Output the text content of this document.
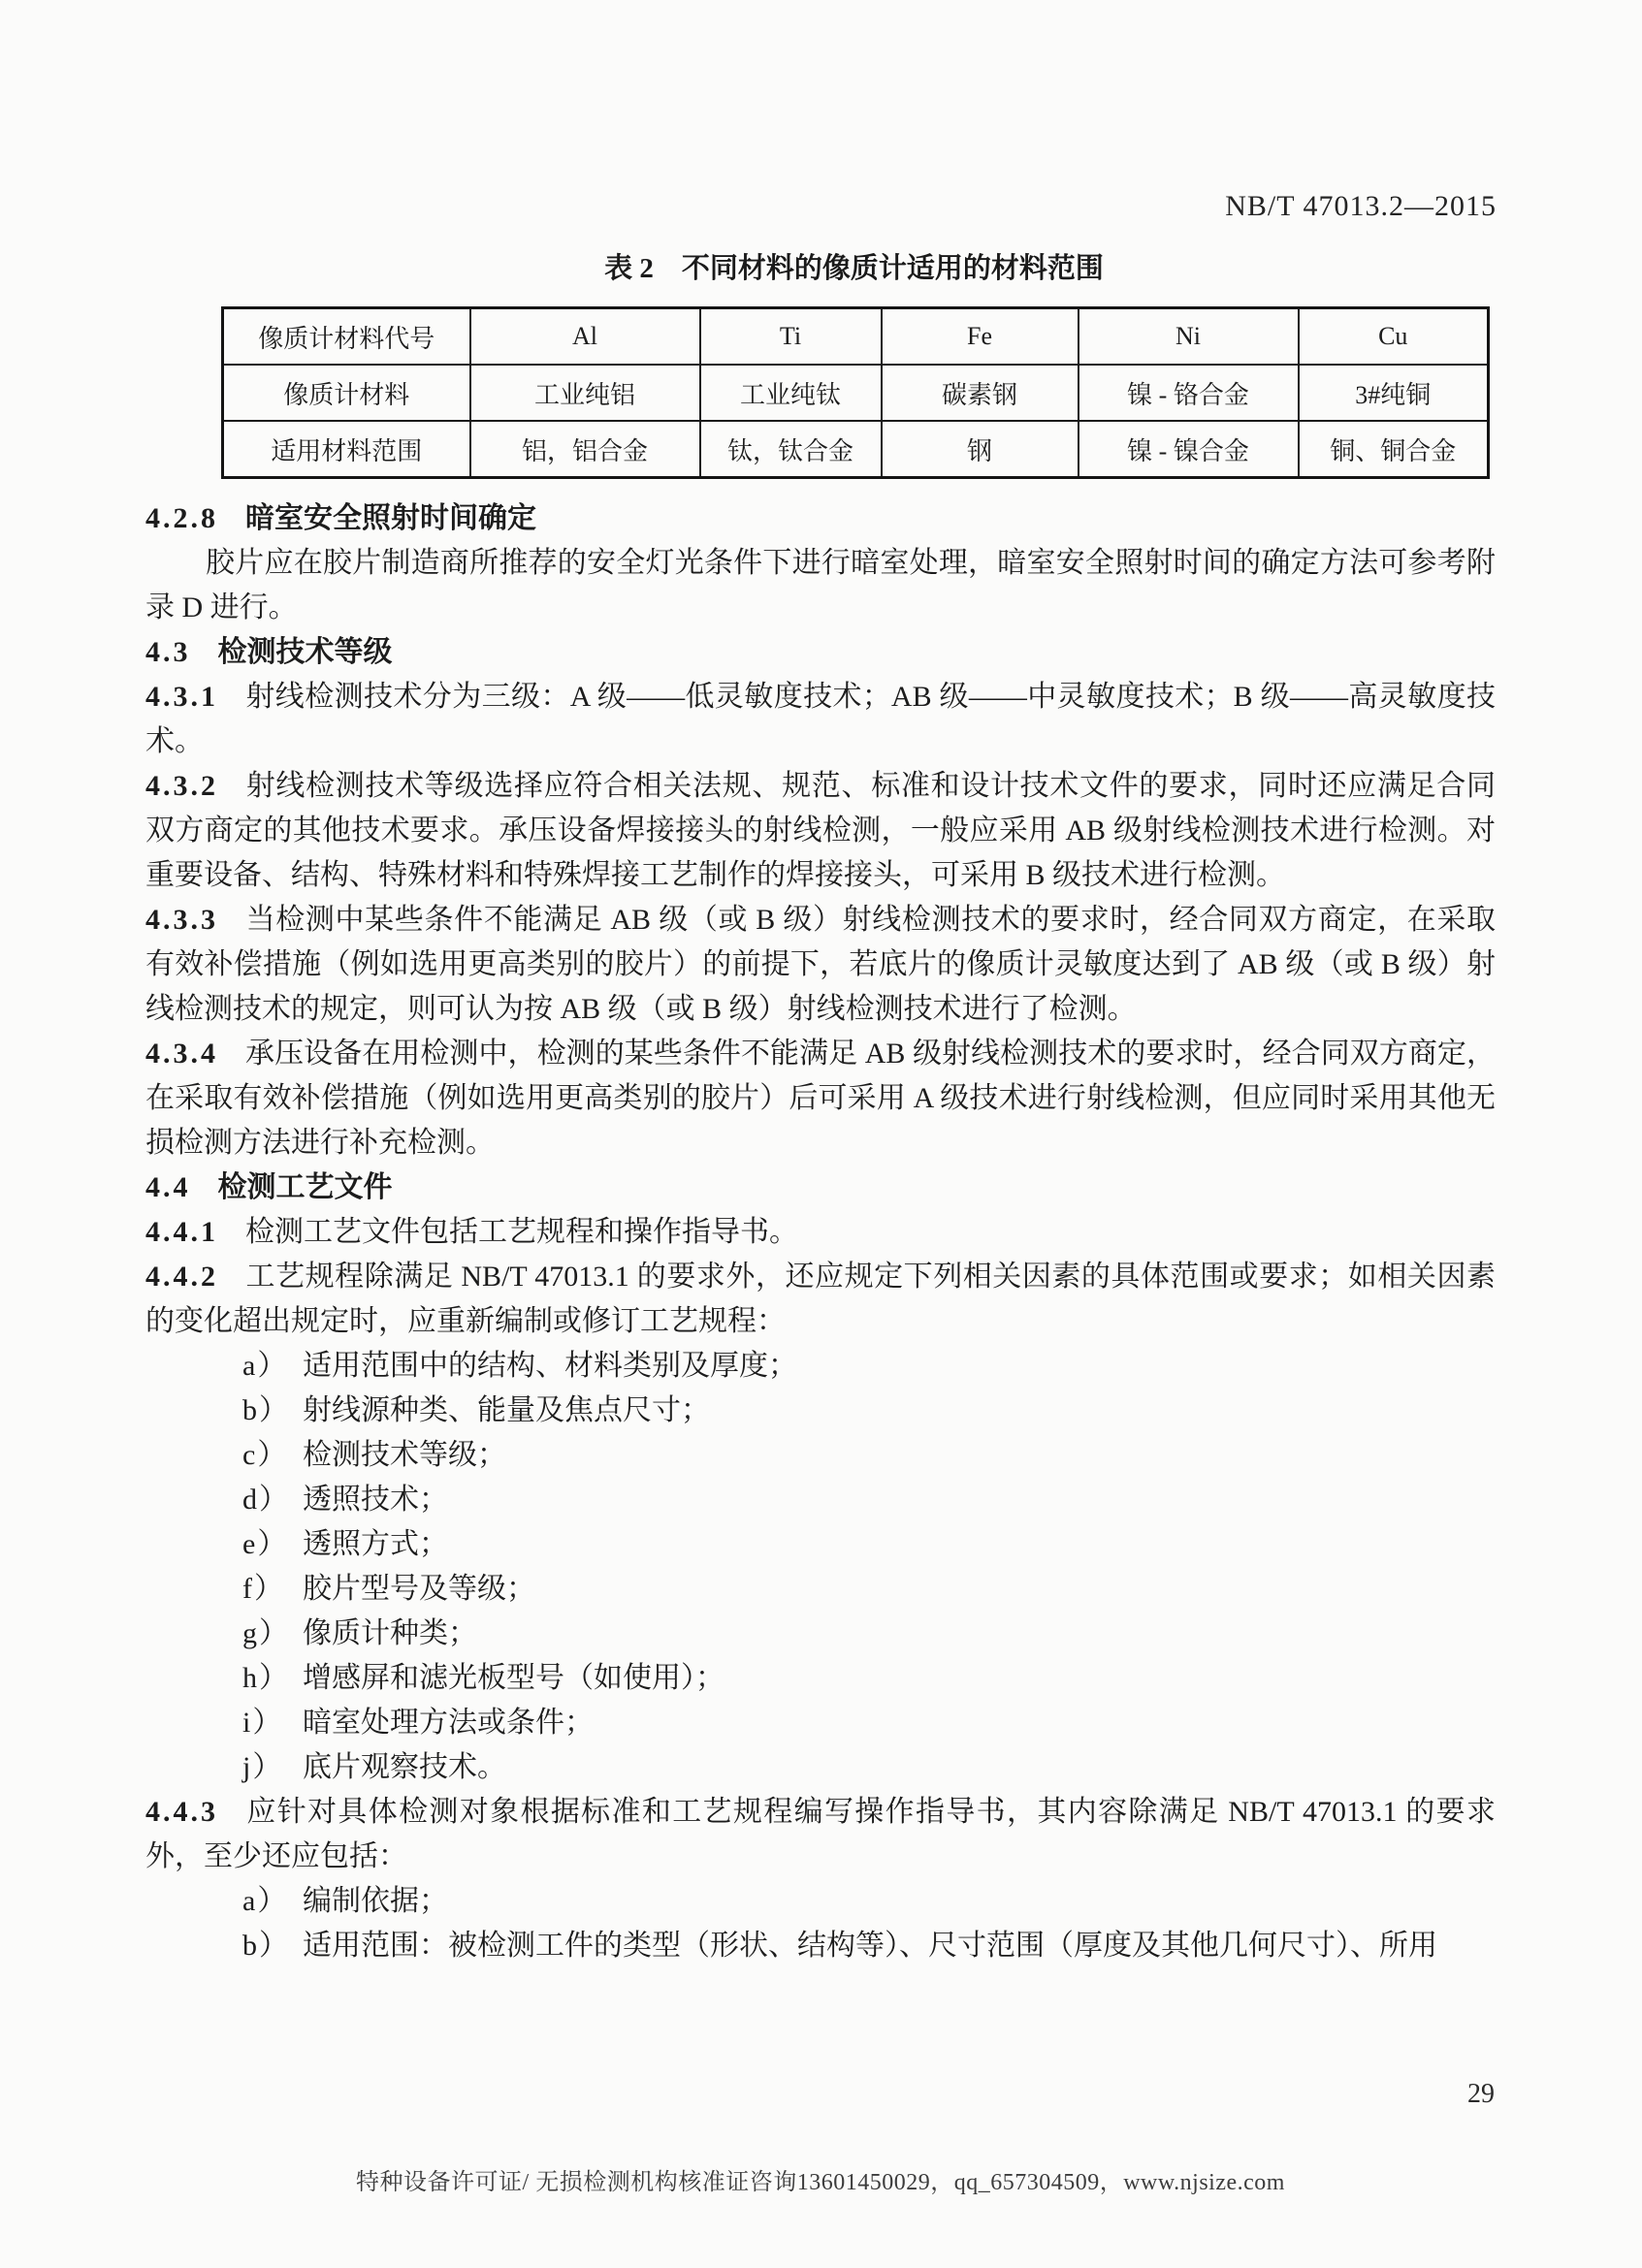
NB/T 47013.2—2015
表 2　不同材料的像质计适用的材料范围
像质计材料代号	Al	Ti	Fe	Ni	Cu
像质计材料	工业纯铝	工业纯钛	碳素钢	镍 - 铬合金	3#纯铜
适用材料范围	铝，铝合金	钛，钛合金	钢	镍 - 镍合金	铜、铜合金
4.2.8 暗室安全照射时间确定
胶片应在胶片制造商所推荐的安全灯光条件下进行暗室处理，暗室安全照射时间的确定方法可参考附录 D 进行。
4.3 检测技术等级
4.3.1 射线检测技术分为三级：A 级——低灵敏度技术；AB 级——中灵敏度技术；B 级——高灵敏度技术。
4.3.2 射线检测技术等级选择应符合相关法规、规范、标准和设计技术文件的要求，同时还应满足合同双方商定的其他技术要求。承压设备焊接接头的射线检测，一般应采用 AB 级射线检测技术进行检测。对重要设备、结构、特殊材料和特殊焊接工艺制作的焊接接头，可采用 B 级技术进行检测。
4.3.3 当检测中某些条件不能满足 AB 级（或 B 级）射线检测技术的要求时，经合同双方商定，在采取有效补偿措施（例如选用更高类别的胶片）的前提下，若底片的像质计灵敏度达到了 AB 级（或 B 级）射线检测技术的规定，则可认为按 AB 级（或 B 级）射线检测技术进行了检测。
4.3.4 承压设备在用检测中，检测的某些条件不能满足 AB 级射线检测技术的要求时，经合同双方商定，在采取有效补偿措施（例如选用更高类别的胶片）后可采用 A 级技术进行射线检测，但应同时采用其他无损检测方法进行补充检测。
4.4 检测工艺文件
4.4.1 检测工艺文件包括工艺规程和操作指导书。
4.4.2 工艺规程除满足 NB/T 47013.1 的要求外，还应规定下列相关因素的具体范围或要求；如相关因素的变化超出规定时，应重新编制或修订工艺规程：
a） 适用范围中的结构、材料类别及厚度；
b） 射线源种类、能量及焦点尺寸；
c） 检测技术等级；
d） 透照技术；
e） 透照方式；
f） 胶片型号及等级；
g） 像质计种类；
h） 增感屏和滤光板型号（如使用）；
i） 暗室处理方法或条件；
j） 底片观察技术。
4.4.3 应针对具体检测对象根据标准和工艺规程编写操作指导书，其内容除满足 NB/T 47013.1 的要求外，至少还应包括：
a） 编制依据；
b） 适用范围：被检测工件的类型（形状、结构等）、尺寸范围（厚度及其他几何尺寸）、所用
29
特种设备许可证/ 无损检测机构核准证咨询13601450029，qq_657304509，www.njsize.com
